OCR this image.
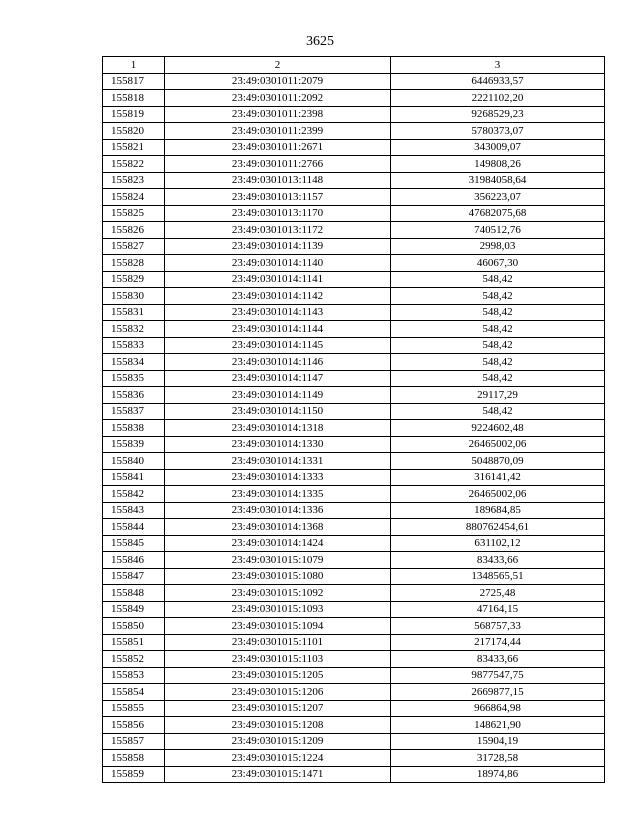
3625
1	2	3
155817	23:49:0301011:2079	6446933,57
155818	23:49:0301011:2092	2221102,20
155819	23:49:0301011:2398	9268529,23
155820	23:49:0301011:2399	5780373,07
155821	23:49:0301011:2671	343009,07
155822	23:49:0301011:2766	149808,26
155823	23:49:0301013:1148	31984058,64
155824	23:49:0301013:1157	356223,07
155825	23:49:0301013:1170	47682075,68
155826	23:49:0301013:1172	740512,76
155827	23:49:0301014:1139	2998,03
155828	23:49:0301014:1140	46067,30
155829	23:49:0301014:1141	548,42
155830	23:49:0301014:1142	548,42
155831	23:49:0301014:1143	548,42
155832	23:49:0301014:1144	548,42
155833	23:49:0301014:1145	548,42
155834	23:49:0301014:1146	548,42
155835	23:49:0301014:1147	548,42
155836	23:49:0301014:1149	29117,29
155837	23:49:0301014:1150	548,42
155838	23:49:0301014:1318	9224602,48
155839	23:49:0301014:1330	26465002,06
155840	23:49:0301014:1331	5048870,09
155841	23:49:0301014:1333	316141,42
155842	23:49:0301014:1335	26465002,06
155843	23:49:0301014:1336	189684,85
155844	23:49:0301014:1368	880762454,61
155845	23:49:0301014:1424	631102,12
155846	23:49:0301015:1079	83433,66
155847	23:49:0301015:1080	1348565,51
155848	23:49:0301015:1092	2725,48
155849	23:49:0301015:1093	47164,15
155850	23:49:0301015:1094	568757,33
155851	23:49:0301015:1101	217174,44
155852	23:49:0301015:1103	83433,66
155853	23:49:0301015:1205	9877547,75
155854	23:49:0301015:1206	2669877,15
155855	23:49:0301015:1207	966864,98
155856	23:49:0301015:1208	148621,90
155857	23:49:0301015:1209	15904,19
155858	23:49:0301015:1224	31728,58
155859	23:49:0301015:1471	18974,86
